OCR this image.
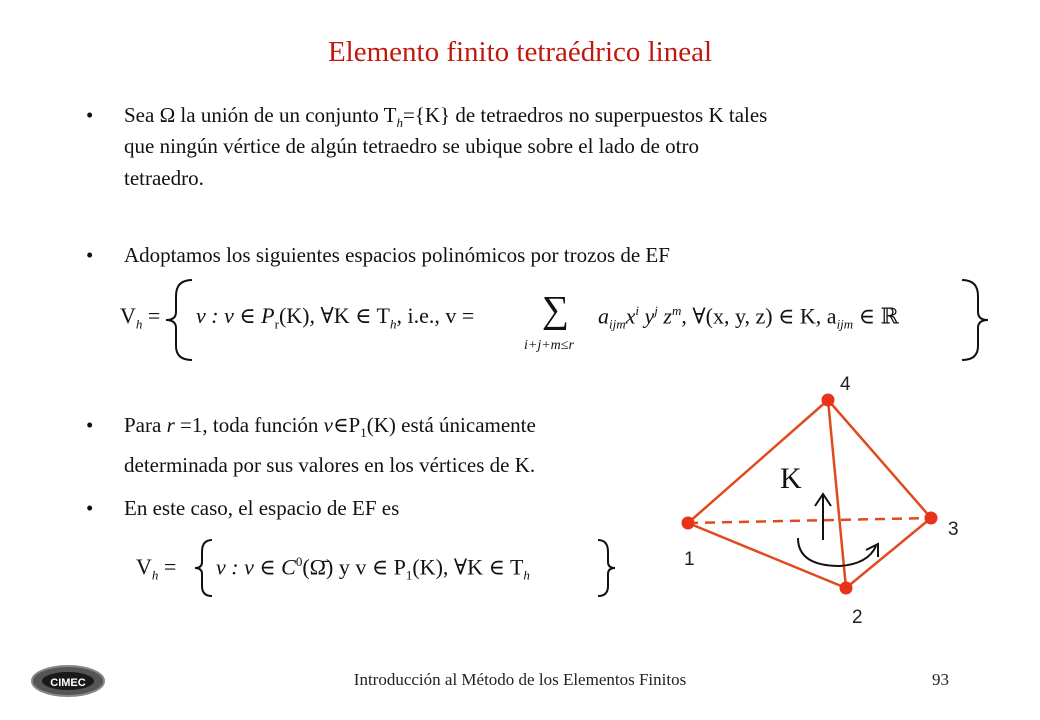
Elemento finito tetraédrico lineal
• Sea Ω la unión de un conjunto $T_h=\{K\}$ de tetraedros no superpuestos K tales
que ningún vértice de algún tetraedro se ubique sobre el lado de otro
tetraedro.
• Adoptamos los siguientes espacios polinómicos por trozos de EF
$V_h = v$ : v ∈ $P_r(K)$, ∀K ∈ $T_h$, i.e., v = ∑
i+j+m≤r
$a_{ijm}x^i$ $y^j$ $z^m$, ∀(x, y, z) ∈ K, $a_{ijm}$ ∈ ℝ
• Para r =1, toda función $v\in P_1(K)$ está únicamente
determinada por sus valores en los vértices de K.
• En este caso, el espacio de EF es
$V_h = v$ : v ∈ $C^0(\Omegā)$ y v ∈ $P_1(K)$, ∀K ∈ $T_h$
K
1
2
3
4
CIMEC	Introducción al Método de los Elementos Finitos	93
